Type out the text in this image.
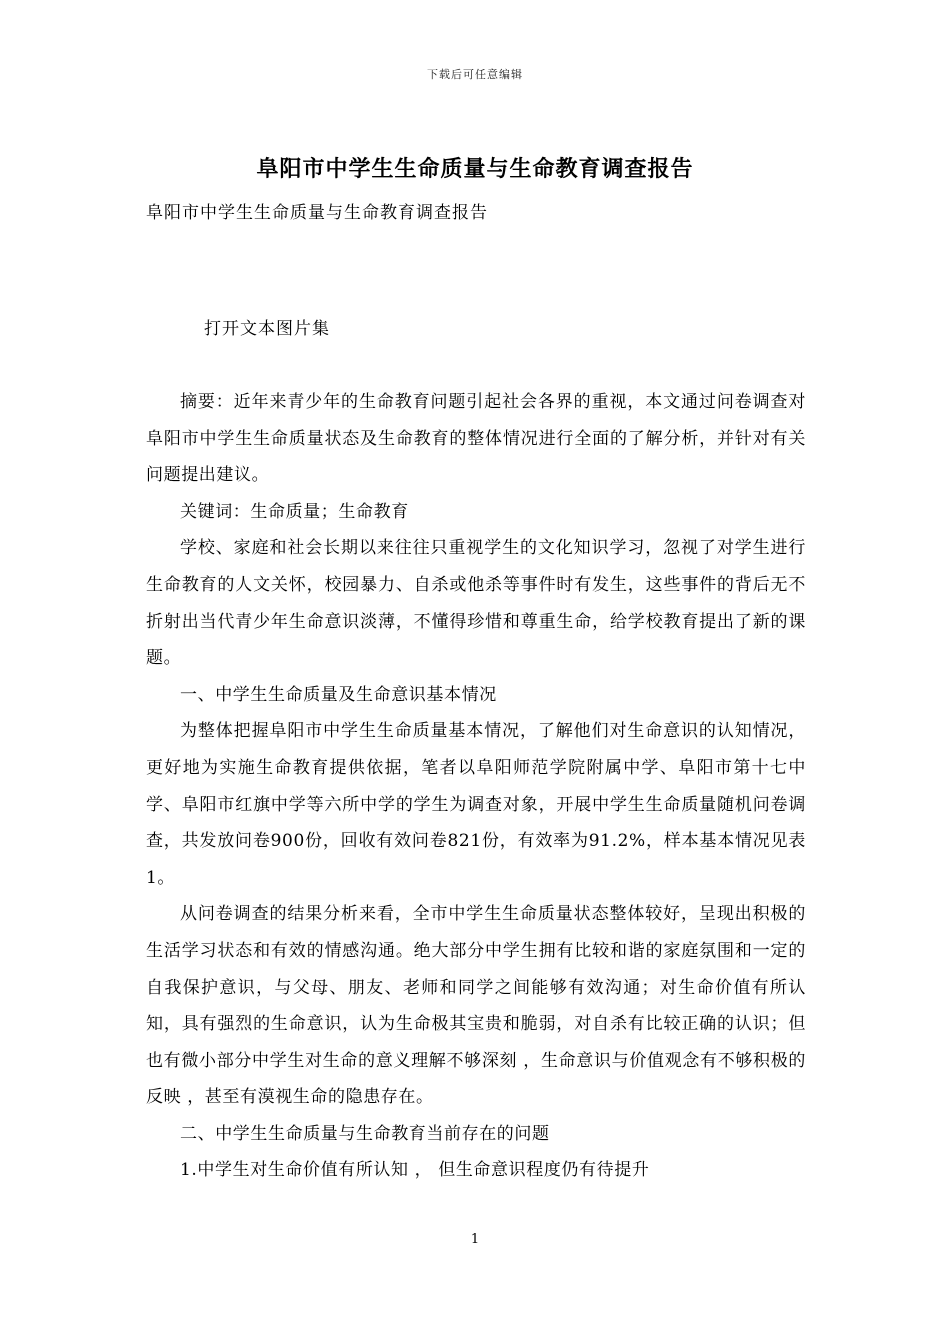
下载后可任意编辑
阜阳市中学生生命质量与生命教育调查报告
阜阳市中学生生命质量与生命教育调查报告
打开文本图片集

摘要：近年来青少年的生命教育问题引起社会各界的重视，本文通过问卷调查对阜阳市中学生生命质量状态及生命教育的整体情况进行全面的了解分析，并针对有关问题提出建议。

关键词：生命质量；生命教育

学校、家庭和社会长期以来往往只重视学生的文化知识学习，忽视了对学生进行生命教育的人文关怀，校园暴力、自杀或他杀等事件时有发生，这些事件的背后无不折射出当代青少年生命意识淡薄，不懂得珍惜和尊重生命，给学校教育提出了新的课题。

一、中学生生命质量及生命意识基本情况

为整体把握阜阳市中学生生命质量基本情况，了解他们对生命意识的认知情况，更好地为实施生命教育提供依据，笔者以阜阳师范学院附属中学、阜阳市第十七中学、阜阳市红旗中学等六所中学的学生为调查对象，开展中学生生命质量随机问卷调查，共发放问卷900份，回收有效问卷821份，有效率为91.2%，样本基本情况见表1。

从问卷调查的结果分析来看，全市中学生生命质量状态整体较好，呈现出积极的生活学习状态和有效的情感沟通。绝大部分中学生拥有比较和谐的家庭氛围和一定的自我保护意识，与父母、朋友、老师和同学之间能够有效沟通；对生命价值有所认知，具有强烈的生命意识，认为生命极其宝贵和脆弱，对自杀有比较正确的认识；但也有微小部分中学生对生命的意义理解不够深刻 ，生命意识与价值观念有不够积极的反映 ，甚至有漠视生命的隐患存在。

二、中学生生命质量与生命教育当前存在的问题

1.中学生对生命价值有所认知 ， 但生命意识程度仍有待提升

1
